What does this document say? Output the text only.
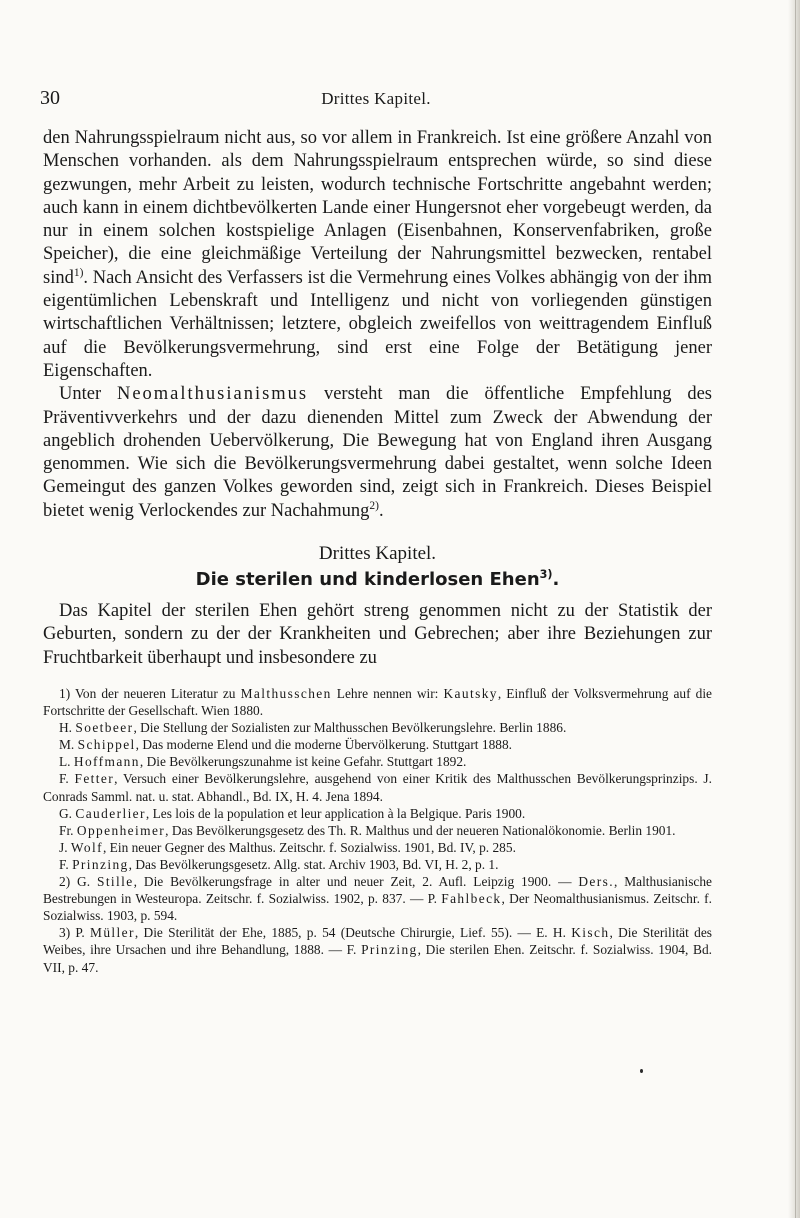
30	Drittes Kapitel.

den Nahrungsspielraum nicht aus, so vor allem in Frankreich. Ist eine größere Anzahl von Menschen vorhanden. als dem Nahrungsspielraum entsprechen würde, so sind diese gezwungen, mehr Arbeit zu leisten, wodurch technische Fortschritte angebahnt werden; auch kann in einem dichtbevölkerten Lande einer Hungersnot eher vorgebeugt werden, da nur in einem solchen kostspielige Anlagen (Eisenbahnen, Konservenfabriken, große Speicher), die eine gleichmäßige Verteilung der Nahrungsmittel bezwecken, rentabel sind$^{1)}$. Nach Ansicht des Verfassers ist die Vermehrung eines Volkes abhängig von der ihm eigentümlichen Lebenskraft und Intelligenz und nicht von vorliegenden günstigen wirtschaftlichen Verhältnissen; letztere, obgleich zweifellos von weittragendem Einfluß auf die Bevölkerungsvermehrung, sind erst eine Folge der Betätigung jener Eigenschaften.

Unter Neomalthusianismus versteht man die öffentliche Empfehlung des Präventivverkehrs und der dazu dienenden Mittel zum Zweck der Abwendung der angeblich drohenden Uebervölkerung, Die Bewegung hat von England ihren Ausgang genommen. Wie sich die Bevölkerungsvermehrung dabei gestaltet, wenn solche Ideen Gemeingut des ganzen Volkes geworden sind, zeigt sich in Frankreich. Dieses Beispiel bietet wenig Verlockendes zur Nachahmung$^{2)}$.

Drittes Kapitel.
Die sterilen und kinderlosen Ehen$^{3)}$.

Das Kapitel der sterilen Ehen gehört streng genommen nicht zu der Statistik der Geburten, sondern zu der der Krankheiten und Gebrechen; aber ihre Beziehungen zur Fruchtbarkeit überhaupt und insbesondere zu

1) Von der neueren Literatur zu Malthusschen Lehre nennen wir: Kautsky, Einfluß der Volksvermehrung auf die Fortschritte der Gesellschaft. Wien 1880.

H. Soetbeer, Die Stellung der Sozialisten zur Malthusschen Bevölkerungslehre. Berlin 1886.

M. Schippel, Das moderne Elend und die moderne Übervölkerung. Stuttgart 1888.

L. Hoffmann, Die Bevölkerungszunahme ist keine Gefahr. Stuttgart 1892.

F. Fetter, Versuch einer Bevölkerungslehre, ausgehend von einer Kritik des Malthusschen Bevölkerungsprinzips. J. Conrads Samml. nat. u. stat. Abhandl., Bd. IX, H. 4. Jena 1894.

G. Cauderlier, Les lois de la population et leur application à la Belgique. Paris 1900.

Fr. Oppenheimer, Das Bevölkerungsgesetz des Th. R. Malthus und der neueren Nationalökonomie. Berlin 1901.

J. Wolf, Ein neuer Gegner des Malthus. Zeitschr. f. Sozialwiss. 1901, Bd. IV, p. 285.

F. Prinzing, Das Bevölkerungsgesetz. Allg. stat. Archiv 1903, Bd. VI, H. 2, p. 1.

2) G. Stille, Die Bevölkerungsfrage in alter und neuer Zeit, 2. Aufl. Leipzig 1900. — Ders., Malthusianische Bestrebungen in Westeuropa. Zeitschr. f. Sozialwiss. 1902, p. 837. — P. Fahlbeck, Der Neomalthusianismus. Zeitschr. f. Sozialwiss. 1903, p. 594.

3) P. Müller, Die Sterilität der Ehe, 1885, p. 54 (Deutsche Chirurgie, Lief. 55). — E. H. Kisch, Die Sterilität des Weibes, ihre Ursachen und ihre Behandlung, 1888. — F. Prinzing, Die sterilen Ehen. Zeitschr. f. Sozialwiss. 1904, Bd. VII, p. 47.
